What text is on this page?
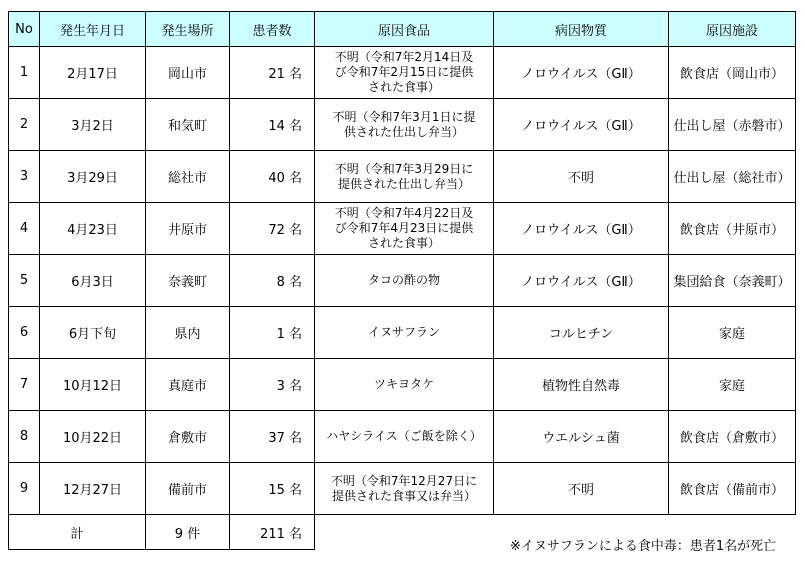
No	発生年月日	発生場所	患者数	原因食品	病因物質	原因施設
1	2月17日	岡山市	21 名	不明（令和7年2月14日及
び令和7年2月15日に提供
された食事）	ノロウイルス（GⅡ）	飲食店（岡山市）
2	3月2日	和気町	14 名	不明（令和7年3月1日に提
供された仕出し弁当）	ノロウイルス（GⅡ）	仕出し屋（赤磐市）
3	3月29日	総社市	40 名	不明（令和7年3月29日に
提供された仕出し弁当）	不明	仕出し屋（総社市）
4	4月23日	井原市	72 名	不明（令和7年4月22日及
び令和7年4月23日に提供
された食事）	ノロウイルス（GⅡ）	飲食店（井原市）
5	6月3日	奈義町	8 名	タコの酢の物	ノロウイルス（GⅡ）	集団給食（奈義町）
6	6月下旬	県内	1 名	イヌサフラン	コルヒチン	家庭
7	10月12日	真庭市	3 名	ツキヨタケ	植物性自然毒	家庭
8	10月22日	倉敷市	37 名	ハヤシライス（ご飯を除く）	ウエルシュ菌	飲食店（倉敷市）
9	12月27日	備前市	15 名	不明（令和7年12月27日に
提供された食事又は弁当）	不明	飲食店（備前市）
計		9 件	211 名			
※イヌサフランによる食中毒：患者1名が死亡
